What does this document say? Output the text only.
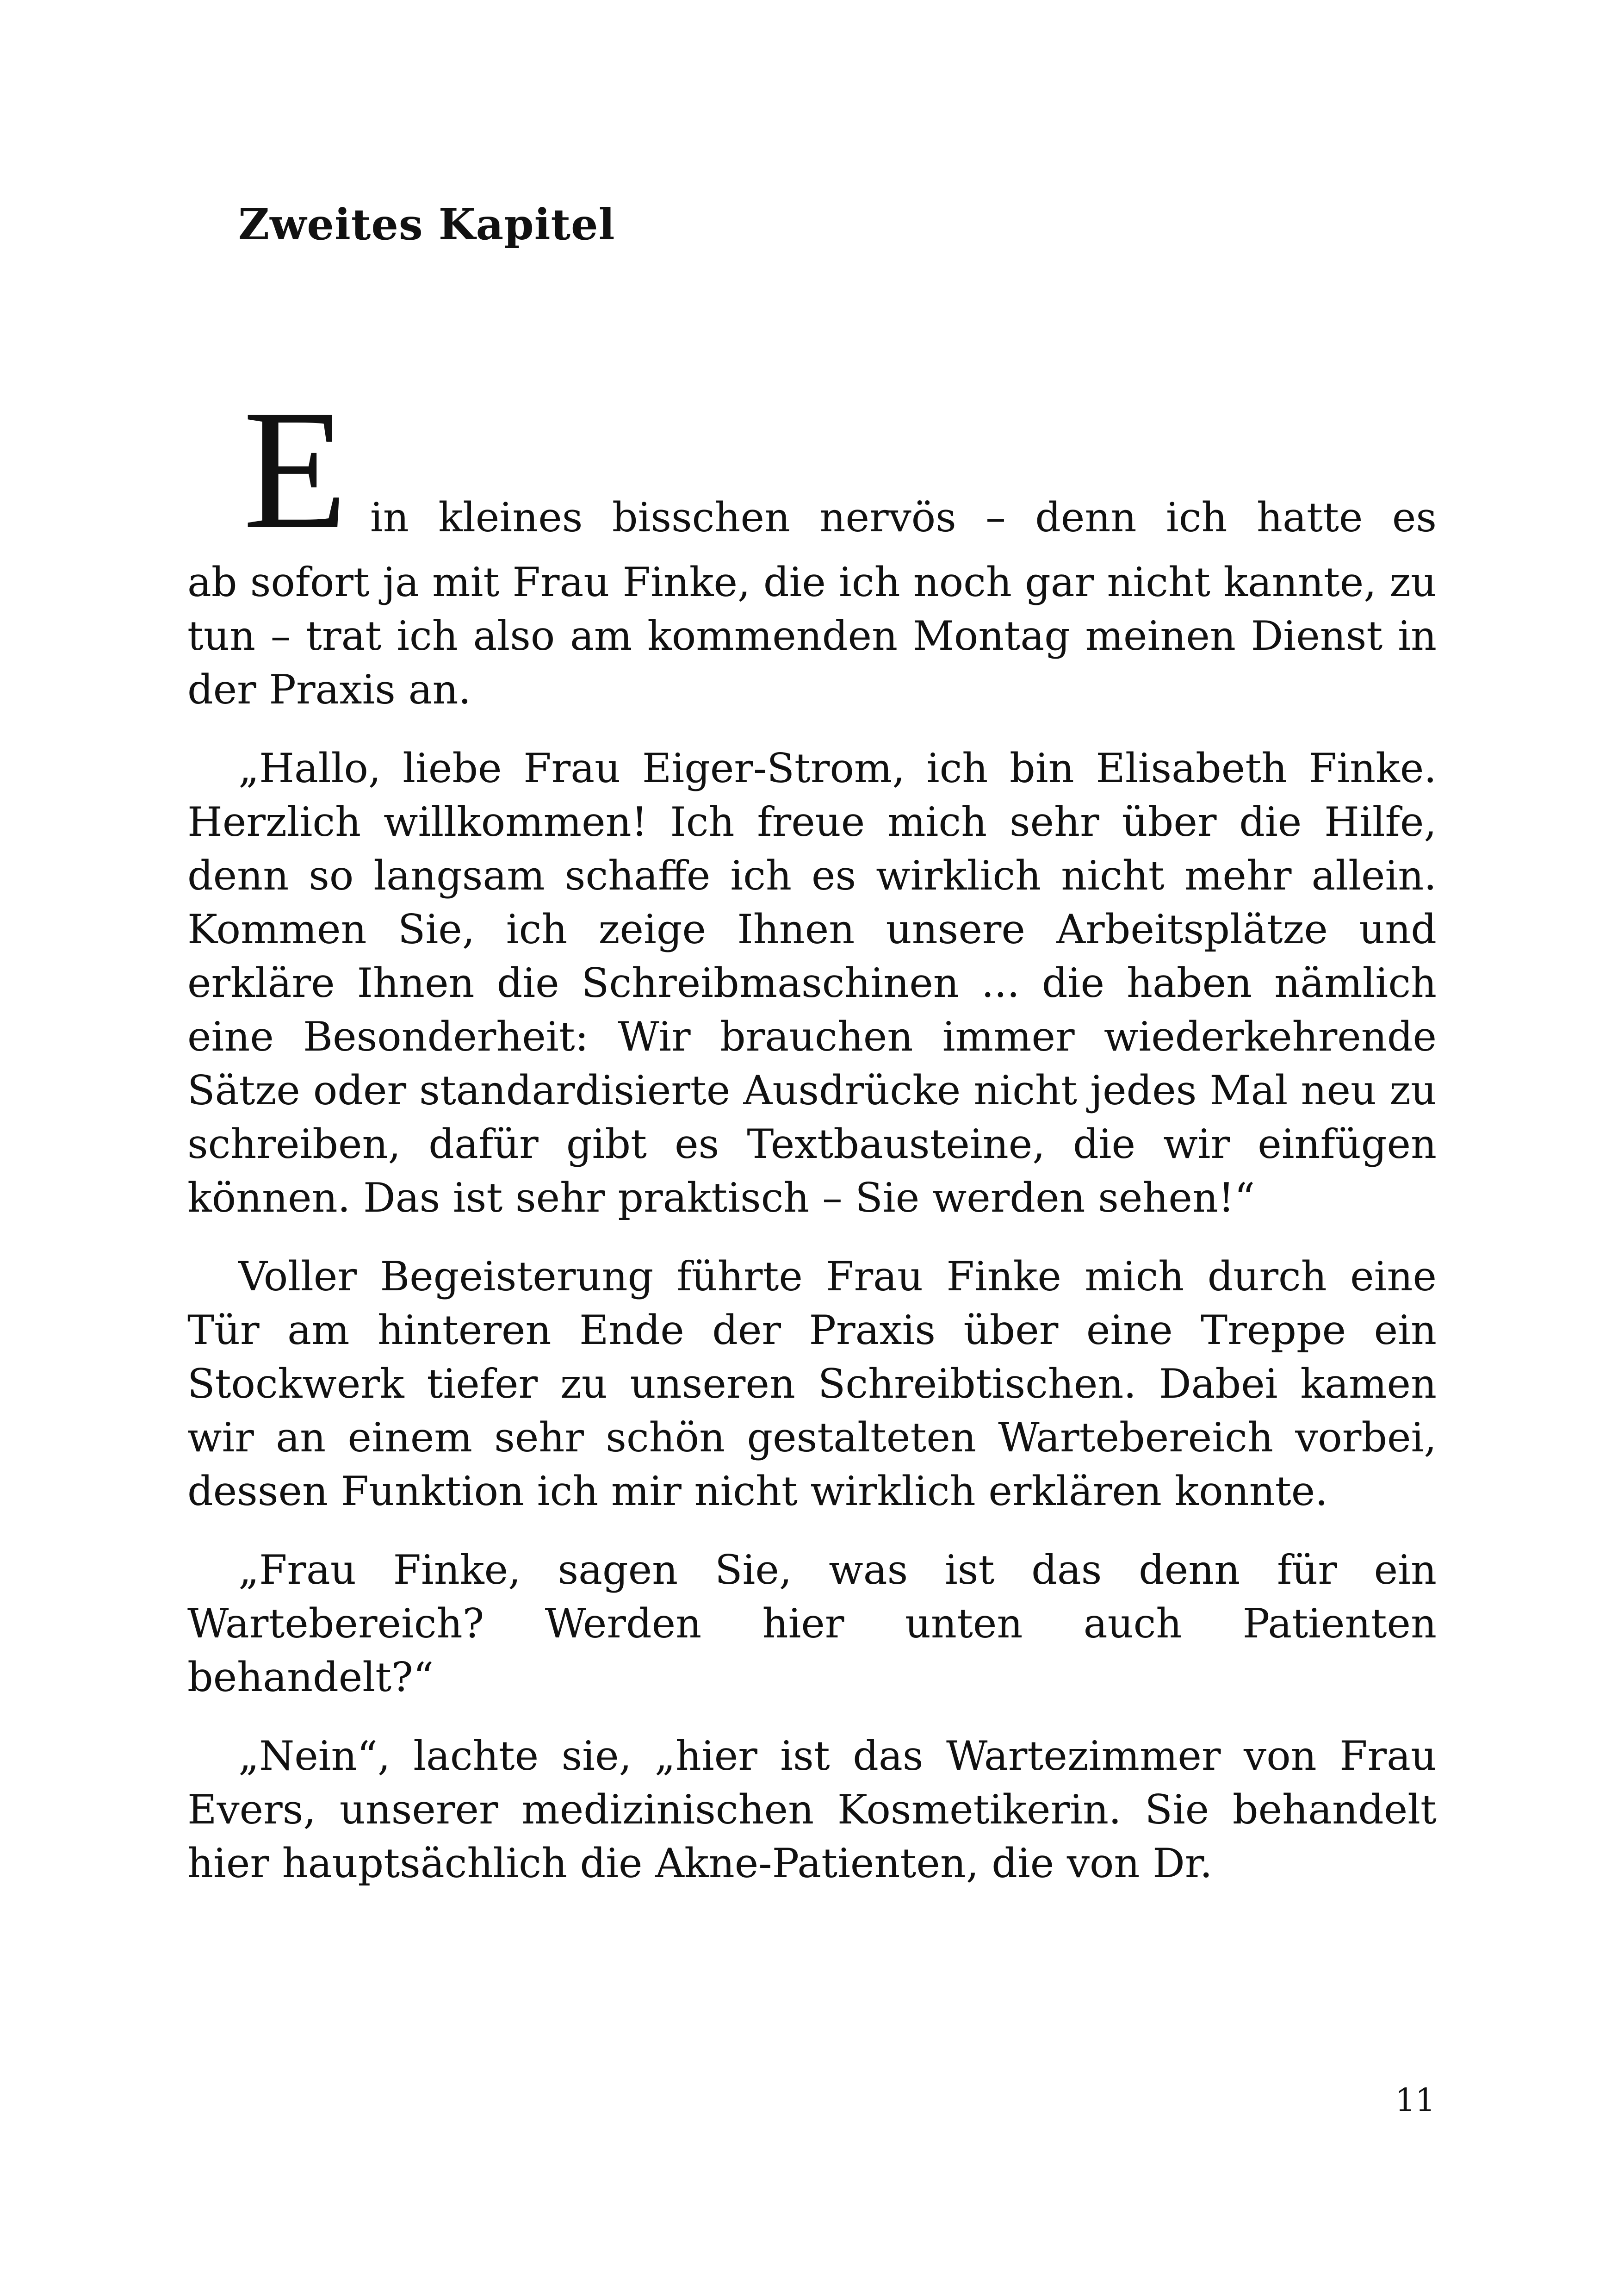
Zweites Kapitel
E in kleines bisschen nervös – denn ich hatte es

ab sofort ja mit Frau Finke, die ich noch gar nicht kannte, zu tun – trat ich also am kommenden Montag meinen Dienst in der Praxis an.

„Hallo, liebe Frau Eiger-Strom, ich bin Elisabeth Finke. Herzlich willkommen! Ich freue mich sehr über die Hilfe, denn so langsam schaffe ich es wirklich nicht mehr allein. Kommen Sie, ich zeige Ihnen unsere Arbeitsplätze und erkläre Ihnen die Schreibmaschinen ... die haben nämlich eine Besonderheit: Wir brauchen immer wiederkehrende Sätze oder standardisierte Ausdrücke nicht jedes Mal neu zu schreiben, dafür gibt es Textbausteine, die wir einfügen können. Das ist sehr praktisch – Sie werden sehen!“

Voller Begeisterung führte Frau Finke mich durch eine Tür am hinteren Ende der Praxis über eine Treppe ein Stockwerk tiefer zu unseren Schreibtischen. Dabei kamen wir an einem sehr schön gestalteten Wartebereich vorbei, dessen Funktion ich mir nicht wirklich erklären konnte.

„Frau Finke, sagen Sie, was ist das denn für ein Wartebereich? Werden hier unten auch Patienten behandelt?“

„Nein“, lachte sie, „hier ist das Wartezimmer von Frau Evers, unserer medizinischen Kosmetikerin. Sie behandelt hier hauptsächlich die Akne-Patienten, die von Dr.

11
